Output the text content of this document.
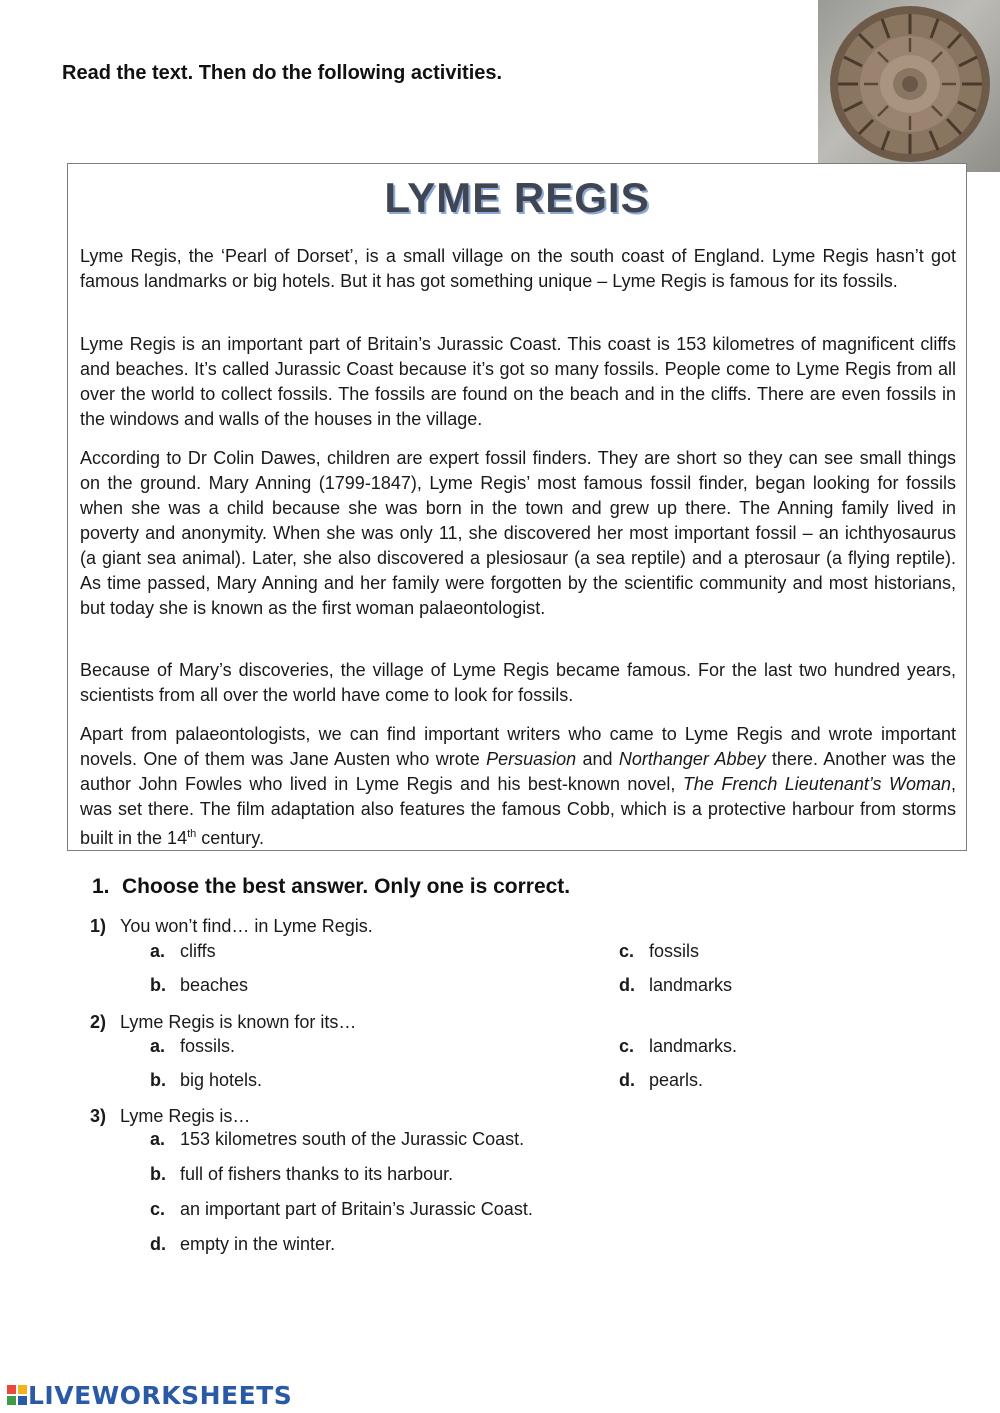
Read the text. Then do the following activities.
LYME REGIS

Lyme Regis, the ‘Pearl of Dorset’, is a small village on the south coast of England. Lyme Regis hasn’t got famous landmarks or big hotels. But it has got something unique – Lyme Regis is famous for its fossils.

Lyme Regis is an important part of Britain’s Jurassic Coast. This coast is 153 kilometres of magnificent cliffs and beaches. It’s called Jurassic Coast because it’s got so many fossils. People come to Lyme Regis from all over the world to collect fossils. The fossils are found on the beach and in the cliffs. There are even fossils in the windows and walls of the houses in the village.

According to Dr Colin Dawes, children are expert fossil finders. They are short so they can see small things on the ground. Mary Anning (1799-1847), Lyme Regis’ most famous fossil finder, began looking for fossils when she was a child because she was born in the town and grew up there. The Anning family lived in poverty and anonymity. When she was only 11, she discovered her most important fossil – an ichthyosaurus (a giant sea animal). Later, she also discovered a plesiosaur (a sea reptile) and a pterosaur (a flying reptile). As time passed, Mary Anning and her family were forgotten by the scientific community and most historians, but today she is known as the first woman palaeontologist.

Because of Mary’s discoveries, the village of Lyme Regis became famous. For the last two hundred years, scientists from all over the world have come to look for fossils.

Apart from palaeontologists, we can find important writers who came to Lyme Regis and wrote important novels. One of them was Jane Austen who wrote Persuasion and Northanger Abbey there. Another was the author John Fowles who lived in Lyme Regis and his best-known novel, The French Lieutenant’s Woman, was set there. The film adaptation also features the famous Cobb, which is a protective harbour from storms built in the 14th century.

1. Choose the best answer. Only one is correct.
1) You won’t find… in Lyme Regis.
a. cliffs
b. beaches
c. fossils
d. landmarks
2) Lyme Regis is known for its…
a. fossils.
b. big hotels.
c. landmarks.
d. pearls.
3) Lyme Regis is…
a. 153 kilometres south of the Jurassic Coast.
b. full of fishers thanks to its harbour.
c. an important part of Britain’s Jurassic Coast.
d. empty in the winter.
LIVEWORKSHEETS
